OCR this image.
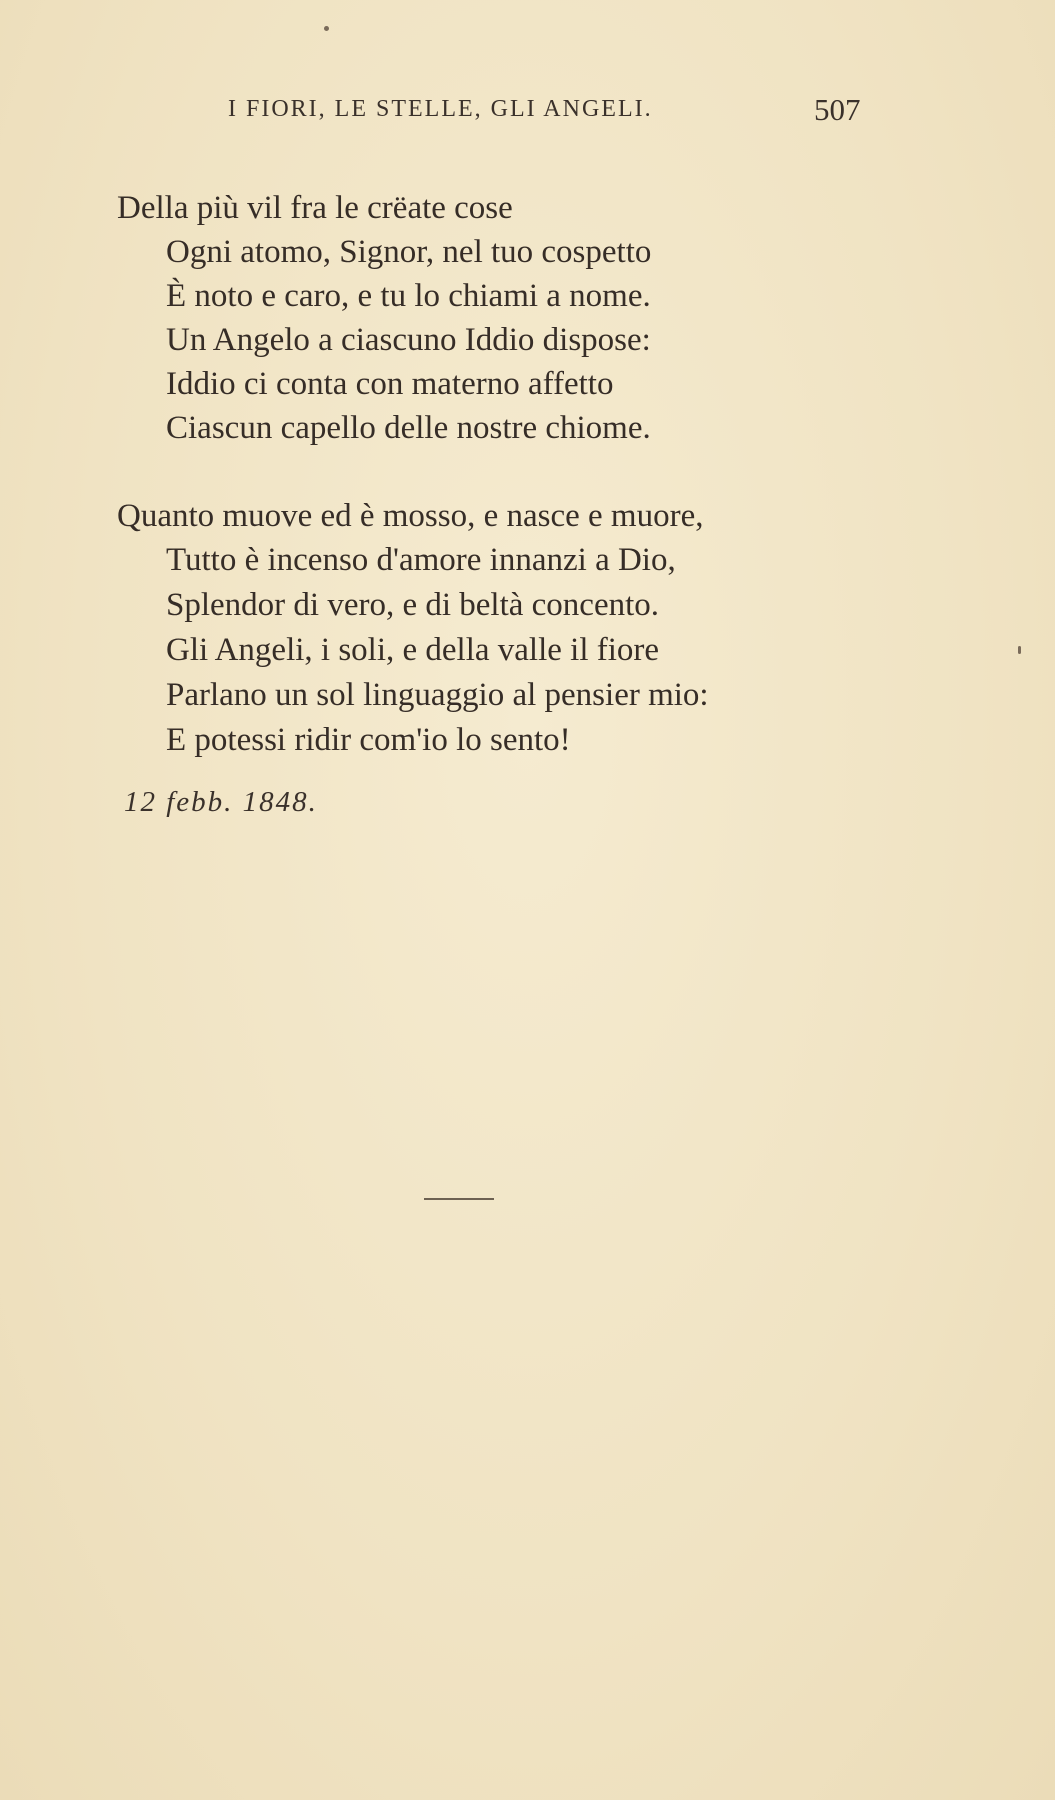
I FIORI, LE STELLE, GLI ANGELI.	507
Della più vil fra le crëate cose
Ogni atomo, Signor, nel tuo cospetto
È noto e caro, e tu lo chiami a nome.
Un Angelo a ciascuno Iddio dispose:
Iddio ci conta con materno affetto
Ciascun capello delle nostre chiome.
Quanto muove ed è mosso, e nasce e muore,
Tutto è incenso d'amore innanzi a Dio,
Splendor di vero, e di beltà concento.
Gli Angeli, i soli, e della valle il fiore
Parlano un sol linguaggio al pensier mio:
E potessi ridir com'io lo sento!
12 febb. 1848.
